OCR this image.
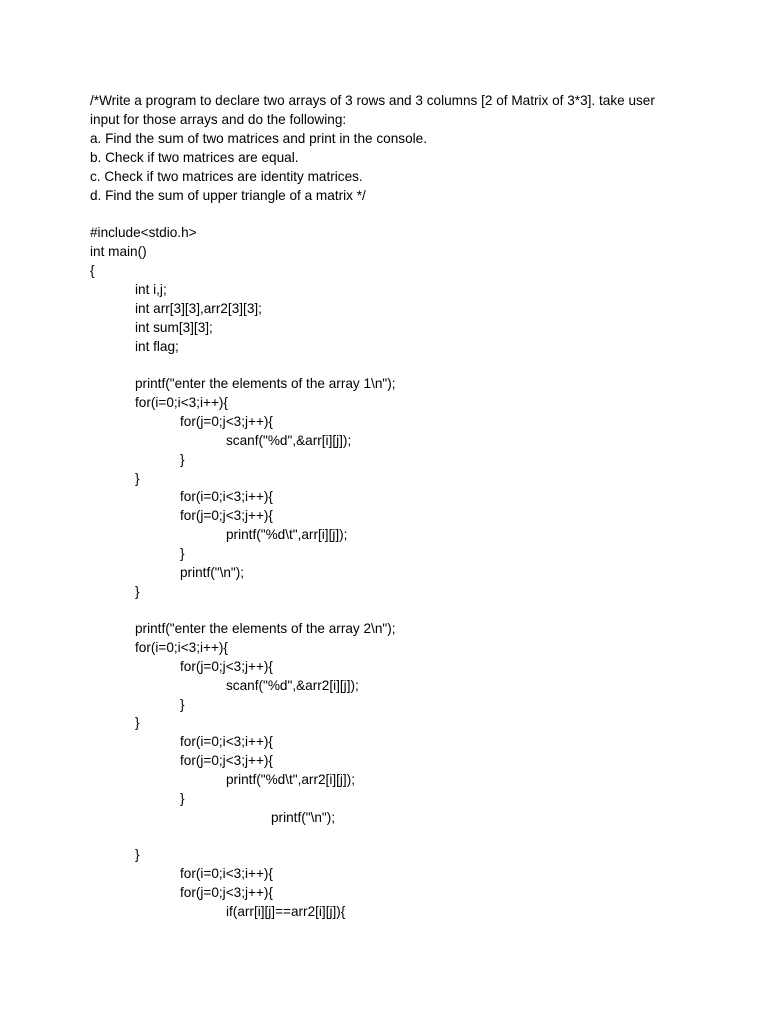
/*Write a program to declare two arrays of 3 rows and 3 columns [2 of Matrix of 3*3]. take user
input for those arrays and do the following:
a. Find the sum of two matrices and print in the console.
b. Check if two matrices are equal.
c. Check if two matrices are identity matrices.
d. Find the sum of upper triangle of a matrix */
#include<stdio.h>
int main()
{
int i,j;
int arr[3][3],arr2[3][3];
int sum[3][3];
int flag;
printf("enter the elements of the array 1\n");
for(i=0;i<3;i++){
for(j=0;j<3;j++){
scanf("%d",&arr[i][j]);
}
}
for(i=0;i<3;i++){
for(j=0;j<3;j++){
printf("%d\t",arr[i][j]);
}
printf("\n");
}
printf("enter the elements of the array 2\n");
for(i=0;i<3;i++){
for(j=0;j<3;j++){
scanf("%d",&arr2[i][j]);
}
}
for(i=0;i<3;i++){
for(j=0;j<3;j++){
printf("%d\t",arr2[i][j]);
}
printf("\n");
}
for(i=0;i<3;i++){
for(j=0;j<3;j++){
if(arr[i][j]==arr2[i][j]){
